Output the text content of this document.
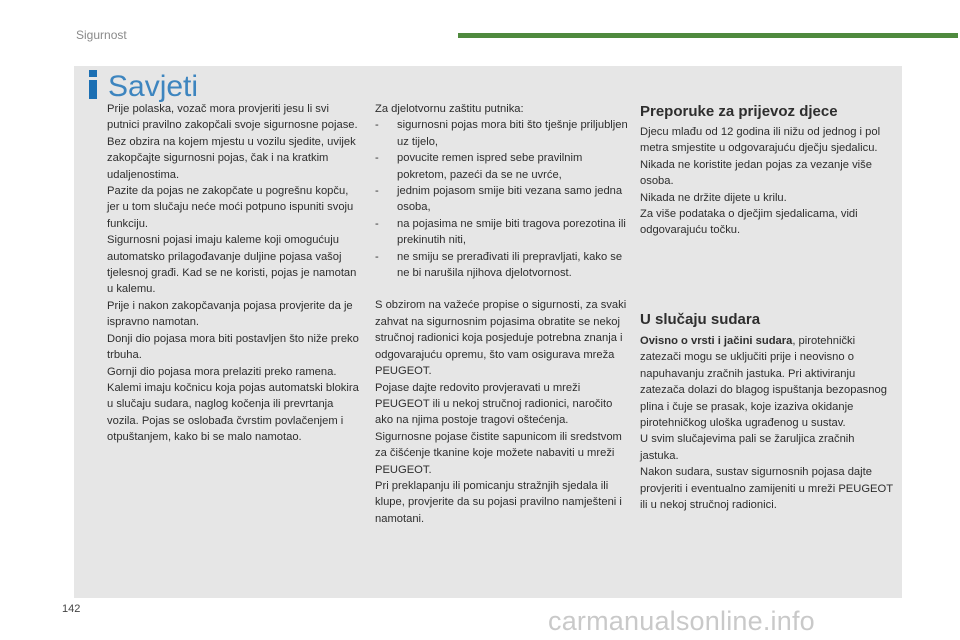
Sigurnost
Savjeti

Prije polaska, vozač mora provjeriti jesu li svi putnici pravilno zakopčali svoje sigurnosne pojase.

Bez obzira na kojem mjestu u vozilu sjedite, uvijek zakopčajte sigurnosni pojas, čak i na kratkim udaljenostima.

Pazite da pojas ne zakopčate u pogrešnu kopču, jer u tom slučaju neće moći potpuno ispuniti svoju funkciju.

Sigurnosni pojasi imaju kaleme koji omogućuju automatsko prilagođavanje duljine pojasa vašoj tjelesnoj građi. Kad se ne koristi, pojas je namotan u kalemu.

Prije i nakon zakopčavanja pojasa provjerite da je ispravno namotan.

Donji dio pojasa mora biti postavljen što niže preko trbuha.

Gornji dio pojasa mora prelaziti preko ramena.

Kalemi imaju kočnicu koja pojas automatski blokira u slučaju sudara, naglog kočenja ili prevrtanja vozila. Pojas se oslobađa čvrstim povlačenjem i otpuštanjem, kako bi se malo namotao.

Za djelotvornu zaštitu putnika:

- sigurnosni pojas mora biti što tješnje priljubljen uz tijelo,
- povucite remen ispred sebe pravilnim pokretom, pazeći da se ne uvrće,
- jednim pojasom smije biti vezana samo jedna osoba,
- na pojasima ne smije biti tragova porezotina ili prekinutih niti,
- ne smiju se prerađivati ili prepravljati, kako se ne bi narušila njihova djelotvornost.

S obzirom na važeće propise o sigurnosti, za svaki zahvat na sigurnosnim pojasima obratite se nekoj stručnoj radionici koja posjeduje potrebna znanja i odgovarajuću opremu, što vam osigurava mreža PEUGEOT.

Pojase dajte redovito provjeravati u mreži PEUGEOT ili u nekoj stručnoj radionici, naročito ako na njima postoje tragovi oštećenja.

Sigurnosne pojase čistite sapunicom ili sredstvom za čišćenje tkanine koje možete nabaviti u mreži PEUGEOT.

Pri preklapanju ili pomicanju stražnjih sjedala ili klupe, provjerite da su pojasi pravilno namješteni i namotani.

Preporuke za prijevoz djece

Djecu mlađu od 12 godina ili nižu od jednog i pol metra smjestite u odgovarajuću dječju sjedalicu.

Nikada ne koristite jedan pojas za vezanje više osoba.

Nikada ne držite dijete u krilu.

Za više podataka o dječjim sjedalicama, vidi odgovarajuću točku.

U slučaju sudara

Ovisno o vrsti i jačini sudara, pirotehnički zatezači mogu se uključiti prije i neovisno o napuhavanju zračnih jastuka. Pri aktiviranju zatezača dolazi do blagog ispuštanja bezopasnog plina i čuje se prasak, koje izaziva okidanje pirotehničkog uloška ugrađenog u sustav.

U svim slučajevima pali se žaruljica zračnih jastuka.

Nakon sudara, sustav sigurnosnih pojasa dajte provjeriti i eventualno zamijeniti u mreži PEUGEOT ili u nekoj stručnoj radionici.

142	carmanualsonline.info
